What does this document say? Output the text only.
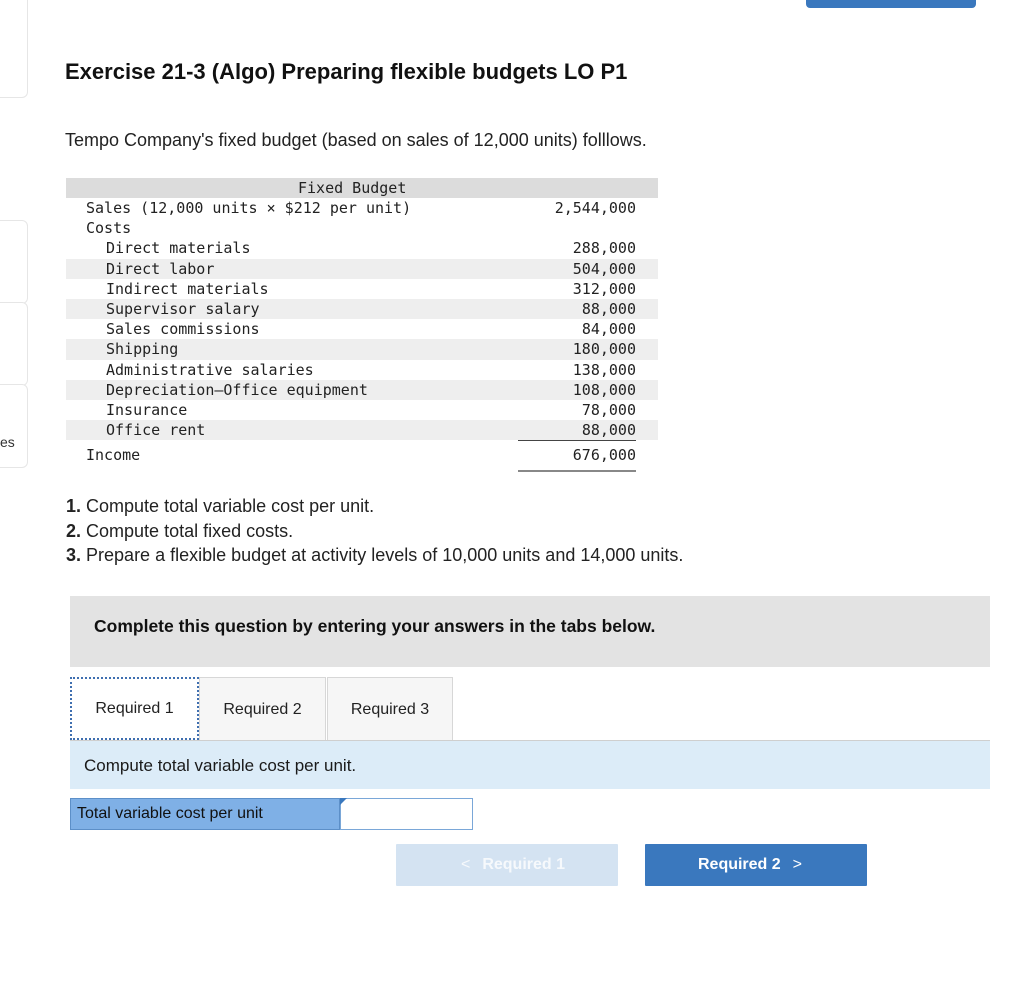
es
Exercise 21-3 (Algo) Preparing flexible budgets LO P1
Tempo Company's fixed budget (based on sales of 12,000 units) folllows.
Fixed Budget
Sales (12,000 units × $212 per unit)	2,544,000
Costs
Direct materials	288,000
Direct labor	504,000
Indirect materials	312,000
Supervisor salary	88,000
Sales commissions	84,000
Shipping	180,000
Administrative salaries	138,000
Depreciation—Office equipment	108,000
Insurance	78,000
Office rent	88,000
Income	676,000
1. Compute total variable cost per unit.
2. Compute total fixed costs.
3. Prepare a flexible budget at activity levels of 10,000 units and 14,000 units.
Complete this question by entering your answers in the tabs below.
Required 1	Required 2	Required 3
Compute total variable cost per unit.
Total variable cost per unit
< Required 1	Required 2 >
